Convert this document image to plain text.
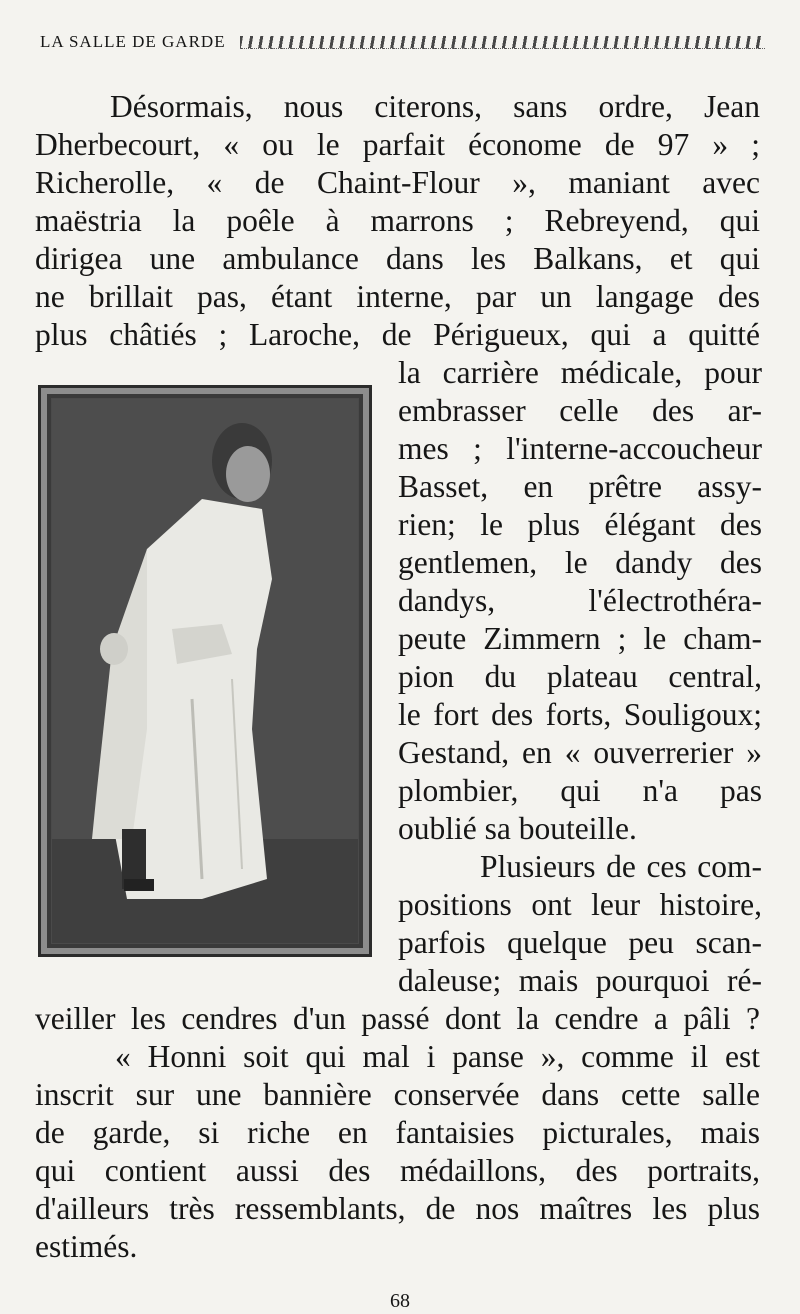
LA SALLE DE GARDE
Désormais, nous citerons, sans ordre, Jean
Dherbecourt, « ou le parfait économe de 97 » ;
Richerolle, « de Chaint-Flour », maniant avec
maëstria la poêle à marrons ; Rebreyend, qui
dirigea une ambulance dans les Balkans, et qui
ne brillait pas, étant interne, par un langage des
plus châtiés ; Laroche, de Périgueux, qui a quitté
la carrière médicale, pour
embrasser celle des ar-
mes ; l'interne-accoucheur
Basset, en prêtre assy-
rien; le plus élégant des
gentlemen, le dandy des
dandys, l'électrothéra-
peute Zimmern ; le cham-
pion du plateau central,
le fort des forts, Souligoux;
Gestand, en « ouverrerier »
plombier, qui n'a pas
oublié sa bouteille.
Plusieurs de ces com-
positions ont leur histoire,
parfois quelque peu scan-
daleuse; mais pourquoi ré-
veiller les cendres d'un passé dont la cendre a pâli ?
« Honni soit qui mal i panse », comme il est
inscrit sur une bannière conservée dans cette salle
de garde, si riche en fantaisies picturales, mais
qui contient aussi des médaillons, des portraits,
d'ailleurs très ressemblants, de nos maîtres les plus
estimés.
68
